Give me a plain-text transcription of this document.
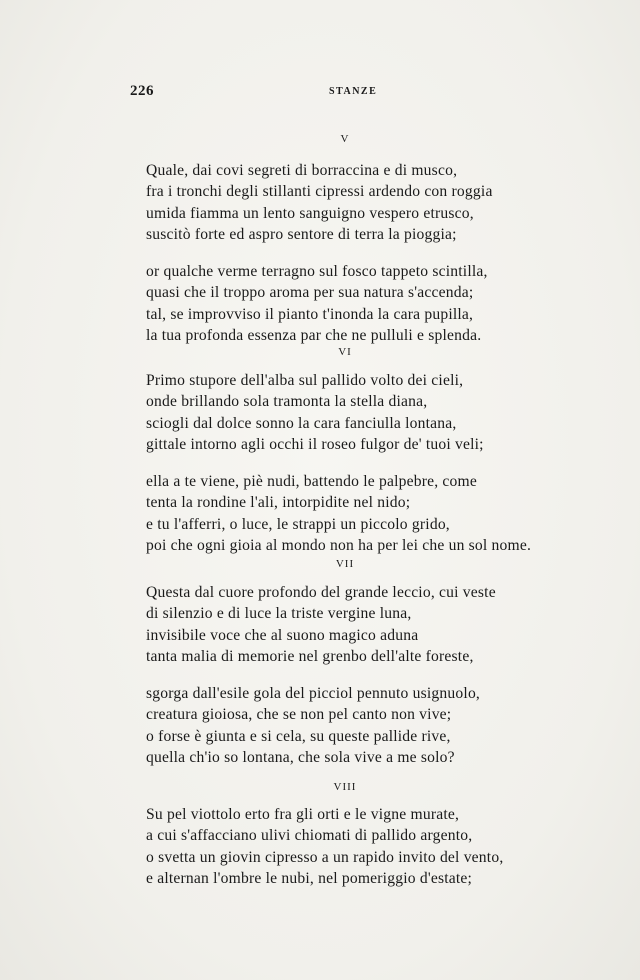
226	STANZE
V
Quale, dai covi segreti di borraccina e di musco,
fra i tronchi degli stillanti cipressi ardendo con roggia
umida fiamma un lento sanguigno vespero etrusco,
suscitò forte ed aspro sentore di terra la pioggia;
or qualche verme terragno sul fosco tappeto scintilla,
quasi che il troppo aroma per sua natura s'accenda;
tal, se improvviso il pianto t'inonda la cara pupilla,
la tua profonda essenza par che ne pulluli e splenda.
VI
Primo stupore dell'alba sul pallido volto dei cieli,
onde brillando sola tramonta la stella diana,
sciogli dal dolce sonno la cara fanciulla lontana,
gittale intorno agli occhi il roseo fulgor de' tuoi veli;
ella a te viene, piè nudi, battendo le palpebre, come
tenta la rondine l'ali, intorpidite nel nido;
e tu l'afferri, o luce, le strappi un piccolo grido,
poi che ogni gioia al mondo non ha per lei che un sol nome.
VII
Questa dal cuore profondo del grande leccio, cui veste
di silenzio e di luce la triste vergine luna,
invisibile voce che al suono magico aduna
tanta malia di memorie nel grenbo dell'alte foreste,
sgorga dall'esile gola del picciol pennuto usignuolo,
creatura gioiosa, che se non pel canto non vive;
o forse è giunta e si cela, su queste pallide rive,
quella ch'io so lontana, che sola vive a me solo?
VIII
Su pel viottolo erto fra gli orti e le vigne murate,
a cui s'affacciano ulivi chiomati di pallido argento,
o svetta un giovin cipresso a un rapido invito del vento,
e alternan l'ombre le nubi, nel pomeriggio d'estate;
